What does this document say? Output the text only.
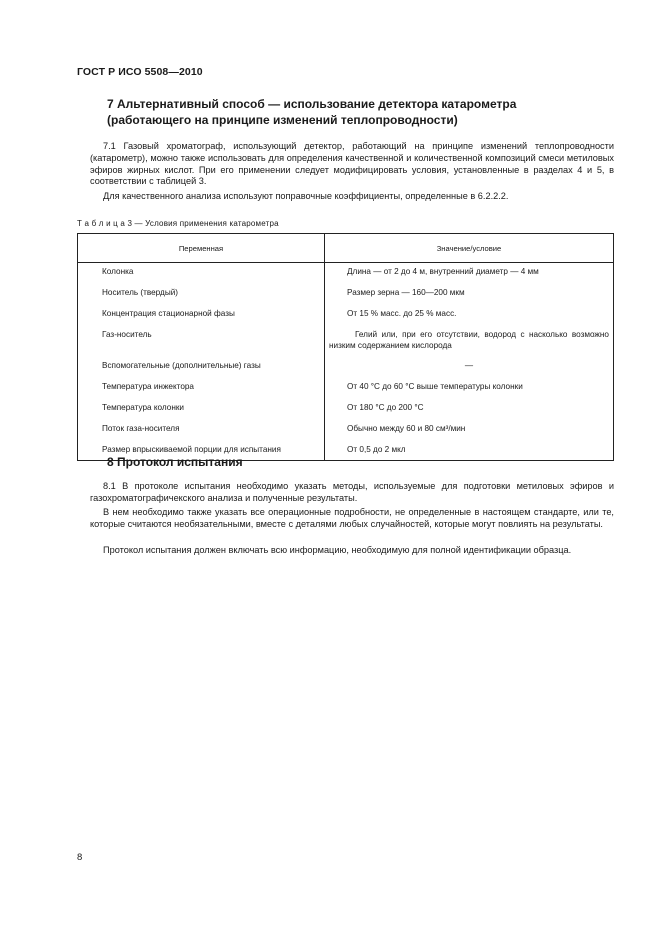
ГОСТ Р ИСО 5508—2010
7 Альтернативный способ — использование детектора катарометра
(работающего на принципе изменений теплопроводности)

7.1 Газовый хроматограф, использующий детектор, работающий на принципе изменений теплопроводности (катарометр), можно также использовать для определения качественной и количественной композиций смеси метиловых эфиров жирных кислот. При его применении следует модифицировать условия, установленные в разделах 4 и 5, в соответствии с таблицей 3.

Для качественного анализа используют поправочные коэффициенты, определенные в 6.2.2.2.

Т а б л и ц а 3 — Условия применения катарометра
Переменная	Значение/условие
Колонка	Длина — от 2 до 4 м, внутренний диаметр — 4 мм
Носитель (твердый)	Размер зерна — 160—200 мкм
Концентрация стационарной фазы	От 15 % масс. до 25 % масс.
Газ-носитель	Гелий или, при его отсутствии, водород с насколько возможно низким содержанием кислорода
Вспомогательные (дополнительные) газы	—
Температура инжектора	От 40 °С до 60 °С выше температуры колонки
Температура колонки	От 180 °С до 200 °С
Поток газа-носителя	Обычно между 60 и 80 см³/мин
Размер впрыскиваемой порции для испытания	От 0,5 до 2 мкл
8 Протокол испытания

8.1 В протоколе испытания необходимо указать методы, используемые для подготовки метиловых эфиров и газохроматографичекского анализа и полученные результаты.

В нем необходимо также указать все операционные подробности, не определенные в настоящем стандарте, или те, которые считаются необязательными, вместе с деталями любых случайностей, которые могут повлиять на результаты.

Протокол испытания должен включать всю информацию, необходимую для полной идентификации образца.

8
